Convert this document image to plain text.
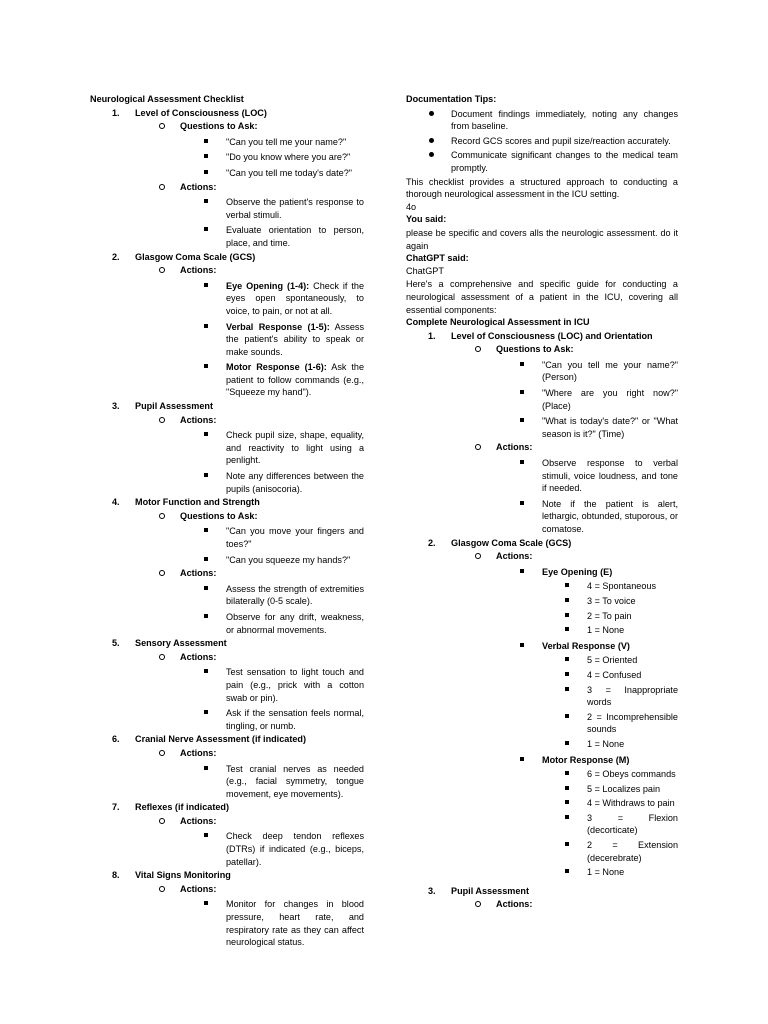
Neurological Assessment Checklist
1. Level of Consciousness (LOC)
Questions to Ask:
"Can you tell me your name?"
"Do you know where you are?"
"Can you tell me today's date?"
Actions:
Observe the patient's response to verbal stimuli.
Evaluate orientation to person, place, and time.
2. Glasgow Coma Scale (GCS)
Actions:
Eye Opening (1-4): Check if the eyes open spontaneously, to voice, to pain, or not at all.
Verbal Response (1-5): Assess the patient's ability to speak or make sounds.
Motor Response (1-6): Ask the patient to follow commands (e.g., "Squeeze my hand").
3. Pupil Assessment
Actions:
Check pupil size, shape, equality, and reactivity to light using a penlight.
Note any differences between the pupils (anisocoria).
4. Motor Function and Strength
Questions to Ask:
"Can you move your fingers and toes?"
"Can you squeeze my hands?"
Actions:
Assess the strength of extremities bilaterally (0-5 scale).
Observe for any drift, weakness, or abnormal movements.
5. Sensory Assessment
Actions:
Test sensation to light touch and pain (e.g., prick with a cotton swab or pin).
Ask if the sensation feels normal, tingling, or numb.
6. Cranial Nerve Assessment (if indicated)
Actions:
Test cranial nerves as needed (e.g., facial symmetry, tongue movement, eye movements).
7. Reflexes (if indicated)
Actions:
Check deep tendon reflexes (DTRs) if indicated (e.g., biceps, patellar).
8. Vital Signs Monitoring
Actions:
Monitor for changes in blood pressure, heart rate, and respiratory rate as they can affect neurological status.
Documentation Tips:
Document findings immediately, noting any changes from baseline.
Record GCS scores and pupil size/reaction accurately.
Communicate significant changes to the medical team promptly.
This checklist provides a structured approach to conducting a thorough neurological assessment in the ICU setting.
4o
You said:
please be specific and covers alls the neurologic assessment. do it again
ChatGPT said:
ChatGPT
Here's a comprehensive and specific guide for conducting a neurological assessment of a patient in the ICU, covering all essential components:
Complete Neurological Assessment in ICU
1. Level of Consciousness (LOC) and Orientation
Questions to Ask:
"Can you tell me your name?" (Person)
"Where are you right now?" (Place)
"What is today's date?" or "What season is it?" (Time)
Actions:
Observe response to verbal stimuli, voice loudness, and tone if needed.
Note if the patient is alert, lethargic, obtunded, stuporous, or comatose.
2. Glasgow Coma Scale (GCS)
Actions:
Eye Opening (E)
4 = Spontaneous
3 = To voice
2 = To pain
1 = None
Verbal Response (V)
5 = Oriented
4 = Confused
3 = Inappropriate words
2 = Incomprehensible sounds
1 = None
Motor Response (M)
6 = Obeys commands
5 = Localizes pain
4 = Withdraws to pain
3 = Flexion (decorticate)
2 = Extension (decerebrate)
1 = None
3. Pupil Assessment
Actions:
